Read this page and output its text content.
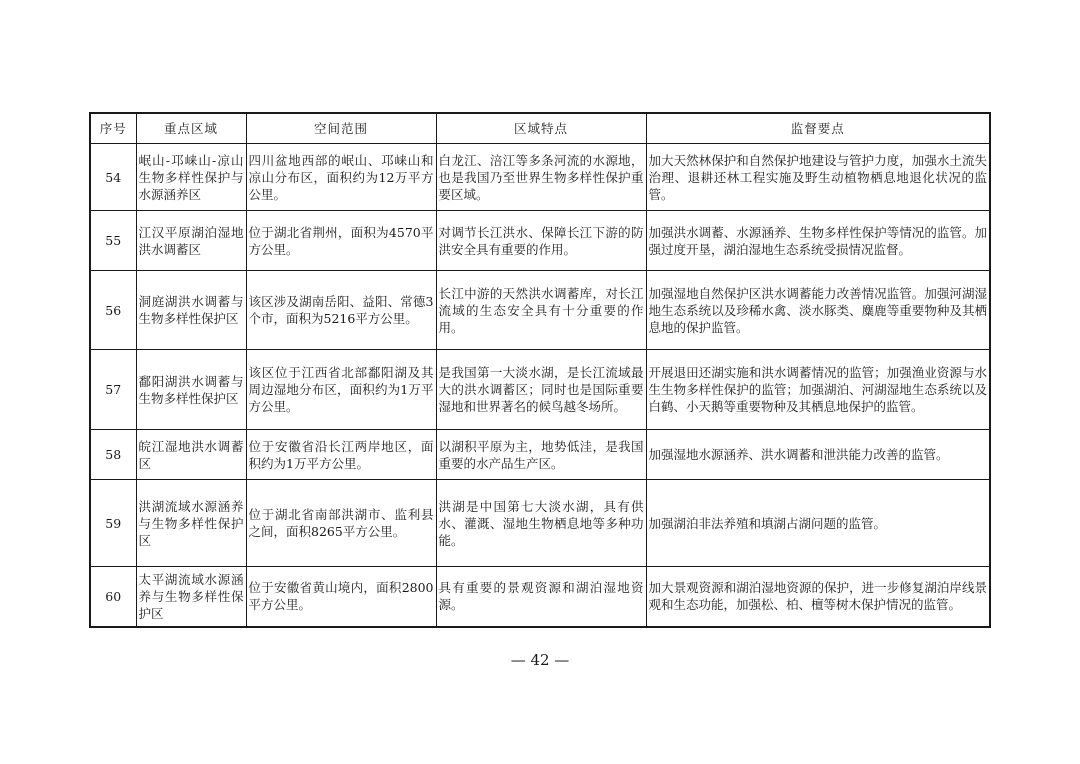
序号	重点区域	空间范围	区域特点	监督要点
54	岷山-邛崃山-凉山生物多样性保护与水源涵养区	四川盆地西部的岷山、邛崃山和凉山分布区，面积约为12万平方公里。	白龙江、涪江等多条河流的水源地，也是我国乃至世界生物多样性保护重要区域。	加大天然林保护和自然保护地建设与管护力度，加强水土流失治理、退耕还林工程实施及野生动植物栖息地退化状况的监管。
55	江汉平原湖泊湿地洪水调蓄区	位于湖北省荆州，面积为4570平方公里。	对调节长江洪水、保障长江下游的防洪安全具有重要的作用。	加强洪水调蓄、水源涵养、生物多样性保护等情况的监管。加强过度开垦，湖泊湿地生态系统受损情况监督。
56	洞庭湖洪水调蓄与生物多样性保护区	该区涉及湖南岳阳、益阳、常德3个市，面积为5216平方公里。	长江中游的天然洪水调蓄库，对长江流域的生态安全具有十分重要的作用。	加强湿地自然保护区洪水调蓄能力改善情况监管。加强河湖湿地生态系统以及珍稀水禽、淡水豚类、麋鹿等重要物种及其栖息地的保护监管。
57	鄱阳湖洪水调蓄与生物多样性保护区	该区位于江西省北部鄱阳湖及其周边湿地分布区，面积约为1万平方公里。	是我国第一大淡水湖，是长江流域最大的洪水调蓄区；同时也是国际重要湿地和世界著名的候鸟越冬场所。	开展退田还湖实施和洪水调蓄情况的监管；加强渔业资源与水生生物多样性保护的监管；加强湖泊、河湖湿地生态系统以及白鹤、小天鹅等重要物种及其栖息地保护的监管。
58	皖江湿地洪水调蓄区	位于安徽省沿长江两岸地区，面积约为1万平方公里。	以湖积平原为主，地势低洼，是我国重要的水产品生产区。	加强湿地水源涵养、洪水调蓄和泄洪能力改善的监管。
59	洪湖流域水源涵养与生物多样性保护区	位于湖北省南部洪湖市、监利县之间，面积8265平方公里。	洪湖是中国第七大淡水湖，具有供水、灌溉、湿地生物栖息地等多种功能。	加强湖泊非法养殖和填湖占湖问题的监管。
60	太平湖流域水源涵养与生物多样性保护区	位于安徽省黄山境内，面积2800平方公里。	具有重要的景观资源和湖泊湿地资源。	加大景观资源和湖泊湿地资源的保护，进一步修复湖泊岸线景观和生态功能，加强松、柏、檀等树木保护情况的监管。
— 42 —
